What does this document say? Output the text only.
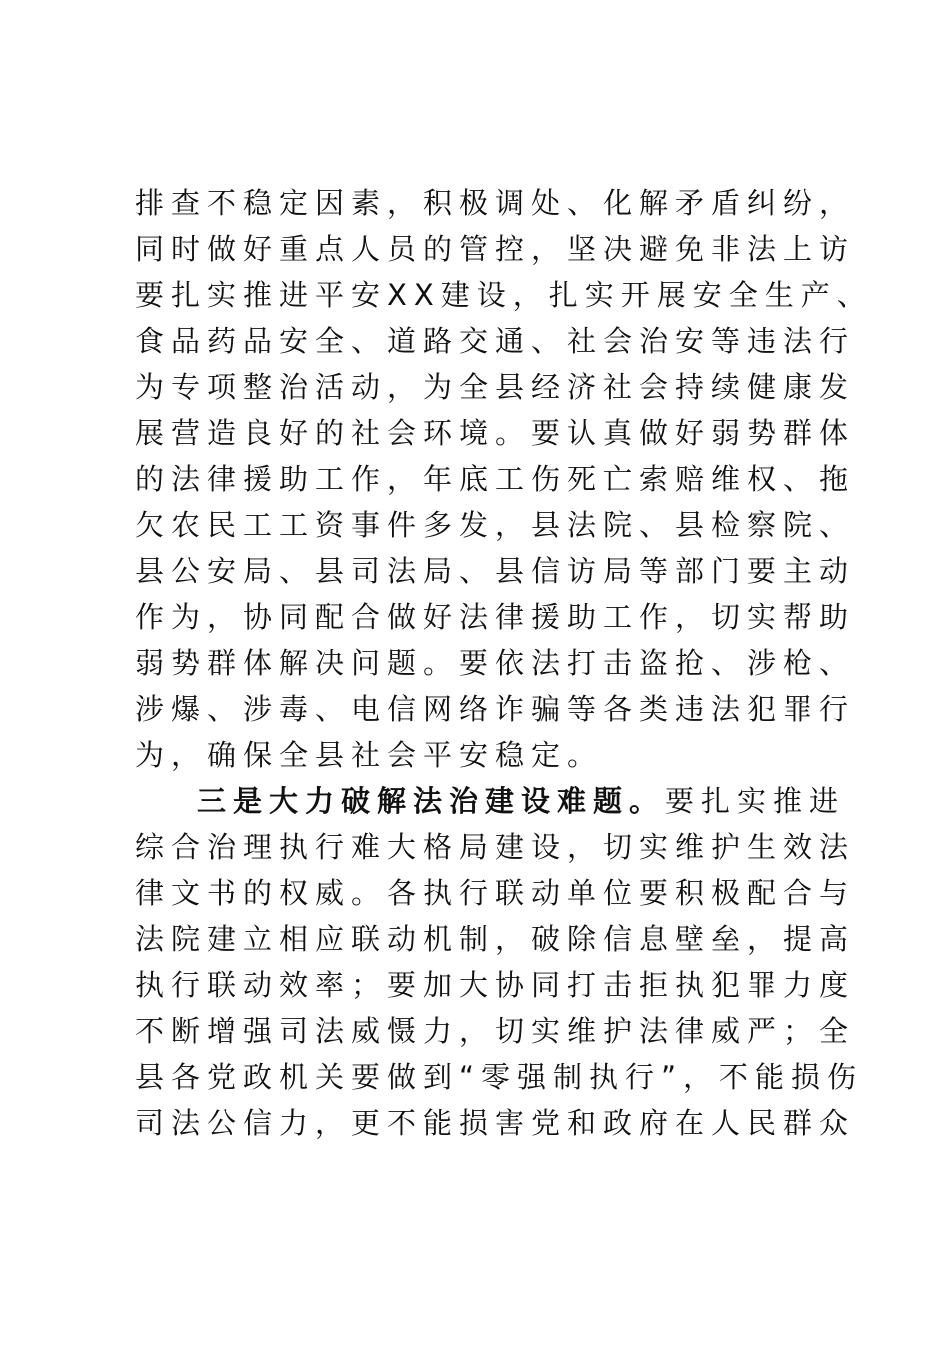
排查不稳定因素，积极调处、化解矛盾纠纷，
同时做好重点人员的管控，坚决避免非法上访
要扎实推进平安XX建设，扎实开展安全生产、
食品药品安全、道路交通、社会治安等违法行
为专项整治活动，为全县经济社会持续健康发
展营造良好的社会环境。要认真做好弱势群体
的法律援助工作，年底工伤死亡索赔维权、拖
欠农民工工资事件多发，县法院、县检察院、
县公安局、县司法局、县信访局等部门要主动
作为，协同配合做好法律援助工作，切实帮助
弱势群体解决问题。要依法打击盗抢、涉枪、
涉爆、涉毒、电信网络诈骗等各类违法犯罪行
为，确保全县社会平安稳定。
三是大力破解法治建设难题。要扎实推进
综合治理执行难大格局建设，切实维护生效法
律文书的权威。各执行联动单位要积极配合与
法院建立相应联动机制，破除信息壁垒，提高
执行联动效率；要加大协同打击拒执犯罪力度
不断增强司法威慑力，切实维护法律威严；全
县各党政机关要做到“零强制执行”，不能损伤
司法公信力，更不能损害党和政府在人民群众
